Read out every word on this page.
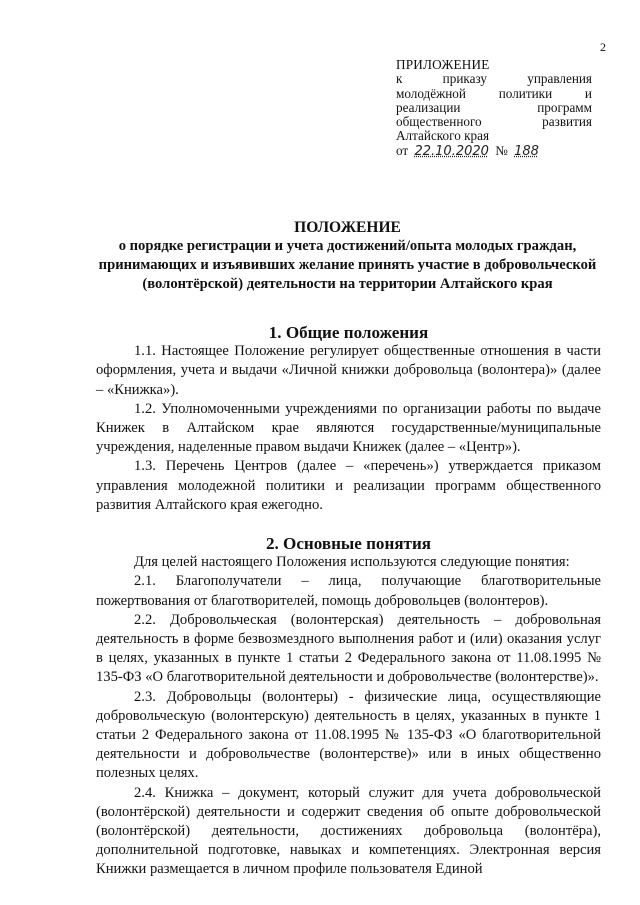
2
ПРИЛОЖЕНИЕ
к приказу управления
молодёжной политики и
реализации программ
общественного развития
Алтайского края
от 22.10.2020 № 188
ПОЛОЖЕНИЕ
о порядке регистрации и учета достижений/опыта молодых граждан, принимающих и изъявивших желание принять участие в добровольческой (волонтёрской) деятельности на территории Алтайского края
1. Общие положения

1.1. Настоящее Положение регулирует общественные отношения в части оформления, учета и выдачи «Личной книжки добровольца (волонтера)» (далее – «Книжка»).

1.2. Уполномоченными учреждениями по организации работы по выдаче Книжек в Алтайском крае являются государственные/муниципальные учреждения, наделенные правом выдачи Книжек (далее – «Центр»).

1.3. Перечень Центров (далее – «перечень») утверждается приказом управления молодежной политики и реализации программ общественного развития Алтайского края ежегодно.

2. Основные понятия

Для целей настоящего Положения используются следующие понятия:

2.1. Благополучатели – лица, получающие благотворительные пожертвования от благотворителей, помощь добровольцев (волонтеров).

2.2. Добровольческая (волонтерская) деятельность – добровольная деятельность в форме безвозмездного выполнения работ и (или) оказания услуг в целях, указанных в пункте 1 статьи 2 Федерального закона от 11.08.1995 № 135-ФЗ «О благотворительной деятельности и добровольчестве (волонтерстве)».

2.3. Добровольцы (волонтеры) - физические лица, осуществляющие добровольческую (волонтерскую) деятельность в целях, указанных в пункте 1 статьи 2 Федерального закона от 11.08.1995 № 135-ФЗ «О благотворительной деятельности и добровольчестве (волонтерстве)» или в иных общественно полезных целях.

2.4. Книжка – документ, который служит для учета добровольческой (волонтёрской) деятельности и содержит сведения об опыте добровольческой (волонтёрской) деятельности, достижениях добровольца (волонтёра), дополнительной подготовке, навыках и компетенциях. Электронная версия Книжки размещается в личном профиле пользователя Единой
